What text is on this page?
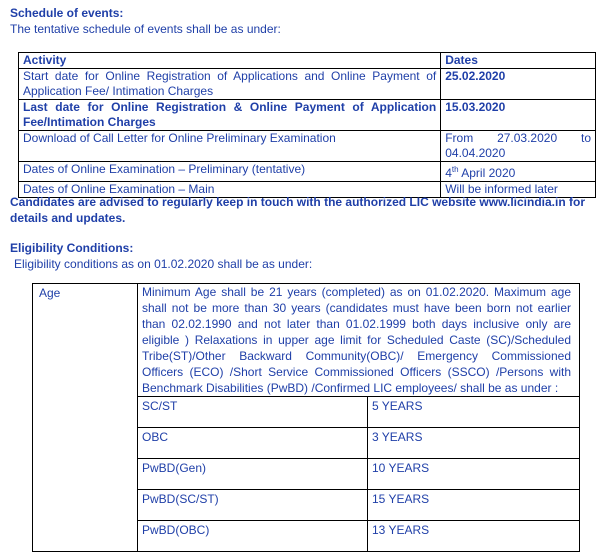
Schedule of events:
The tentative schedule of events shall be as under:
Activity	Dates
Start date for Online Registration of Applications and Online Payment of Application Fee/ Intimation Charges	25.02.2020
Last date for Online Registration & Online Payment of Application Fee/Intimation Charges	15.03.2020
Download of Call Letter for Online Preliminary Examination	From 27.03.2020 to 04.04.2020
Dates of Online Examination – Preliminary (tentative)	4th April 2020
Dates of Online Examination – Main	Will be informed later
Candidates are advised to regularly keep in touch with the authorized LIC website www.licindia.in for details and updates.
Eligibility Conditions:
Eligibility conditions as on 01.02.2020 shall be as under:
Age	Minimum Age shall be 21 years (completed) as on 01.02.2020. Maximum age shall not be more than 30 years (candidates must have been born not earlier than 02.02.1990 and not later than 01.02.1999 both days inclusive only are eligible ) Relaxations in upper age limit for Scheduled Caste (SC)/Scheduled Tribe(ST)/Other Backward Community(OBC)/ Emergency Commissioned Officers (ECO) /Short Service Commissioned Officers (SSCO) /Persons with Benchmark Disabilities (PwBD) /Confirmed LIC employees/ shall be as under :
SC/ST	5 YEARS
OBC	3 YEARS
PwBD(Gen)	10 YEARS
PwBD(SC/ST)	15 YEARS
PwBD(OBC)	13 YEARS
